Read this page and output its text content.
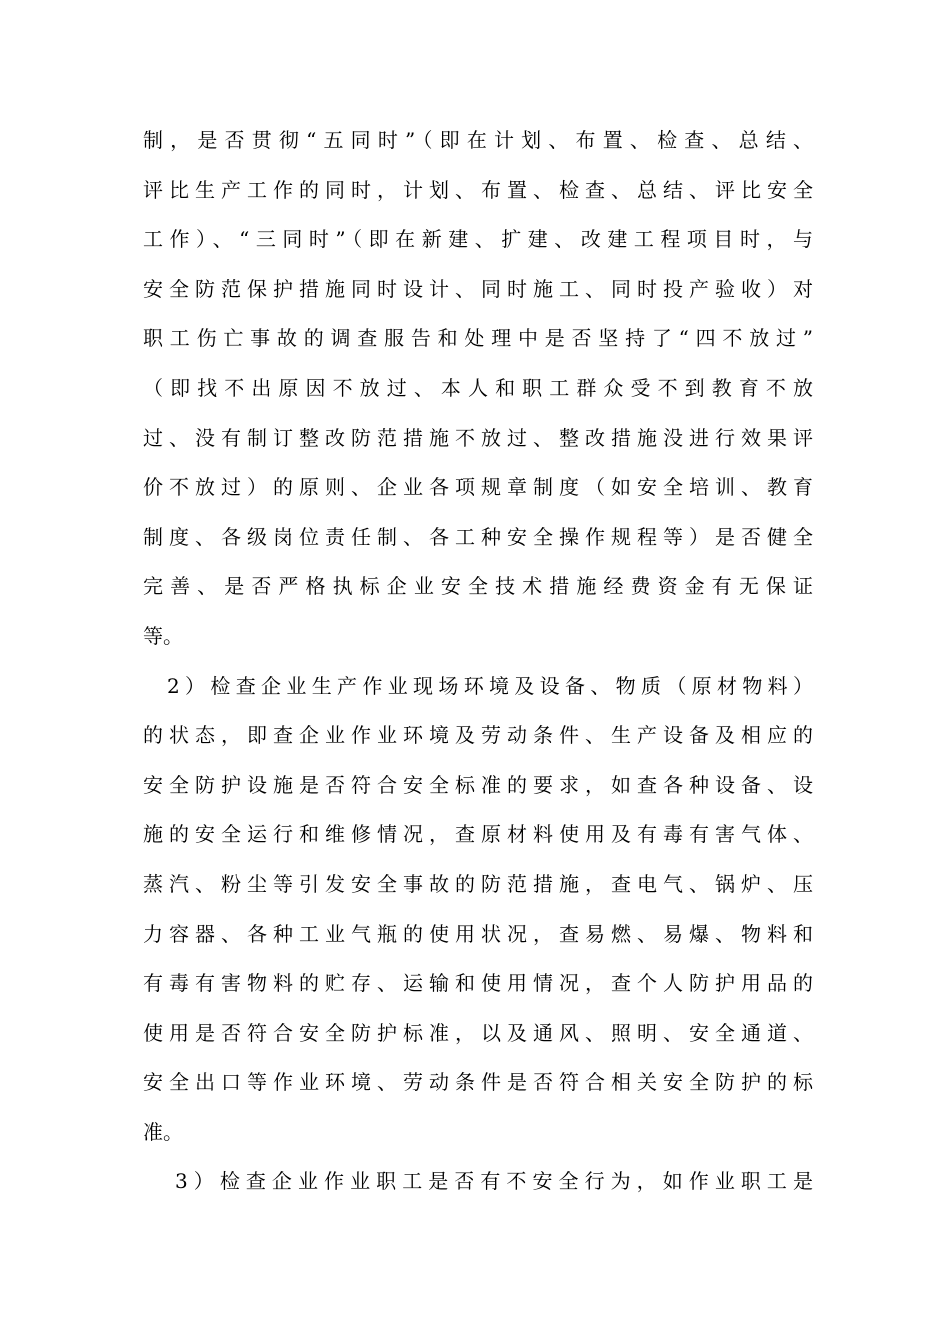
制，是否贯彻“五同时”（即在计划、布置、检查、总结、
评比生产工作的同时，计划、布置、检查、总结、评比安全
工作）、“三同时”（即在新建、扩建、改建工程项目时，与
安全防范保护措施同时设计、同时施工、同时投产验收）对
职工伤亡事故的调查服告和处理中是否坚持了“四不放过”
（即找不出原因不放过、本人和职工群众受不到教育不放
过、没有制订整改防范措施不放过、整改措施没进行效果评
价不放过）的原则、企业各项规章制度（如安全培训、教育
制度、各级岗位责任制、各工种安全操作规程等）是否健全
完善、是否严格执标企业安全技术措施经费资金有无保证
等。
2）检查企业生产作业现场环境及设备、物质（原材物料）
的状态，即查企业作业环境及劳动条件、生产设备及相应的
安全防护设施是否符合安全标准的要求，如查各种设备、设
施的安全运行和维修情况，查原材料使用及有毒有害气体、
蒸汽、粉尘等引发安全事故的防范措施，查电气、锅炉、压
力容器、各种工业气瓶的使用状况，查易燃、易爆、物料和
有毒有害物料的贮存、运输和使用情况，查个人防护用品的
使用是否符合安全防护标准，以及通风、照明、安全通道、
安全出口等作业环境、劳动条件是否符合相关安全防护的标
准。
3）检查企业作业职工是否有不安全行为，如作业职工是
